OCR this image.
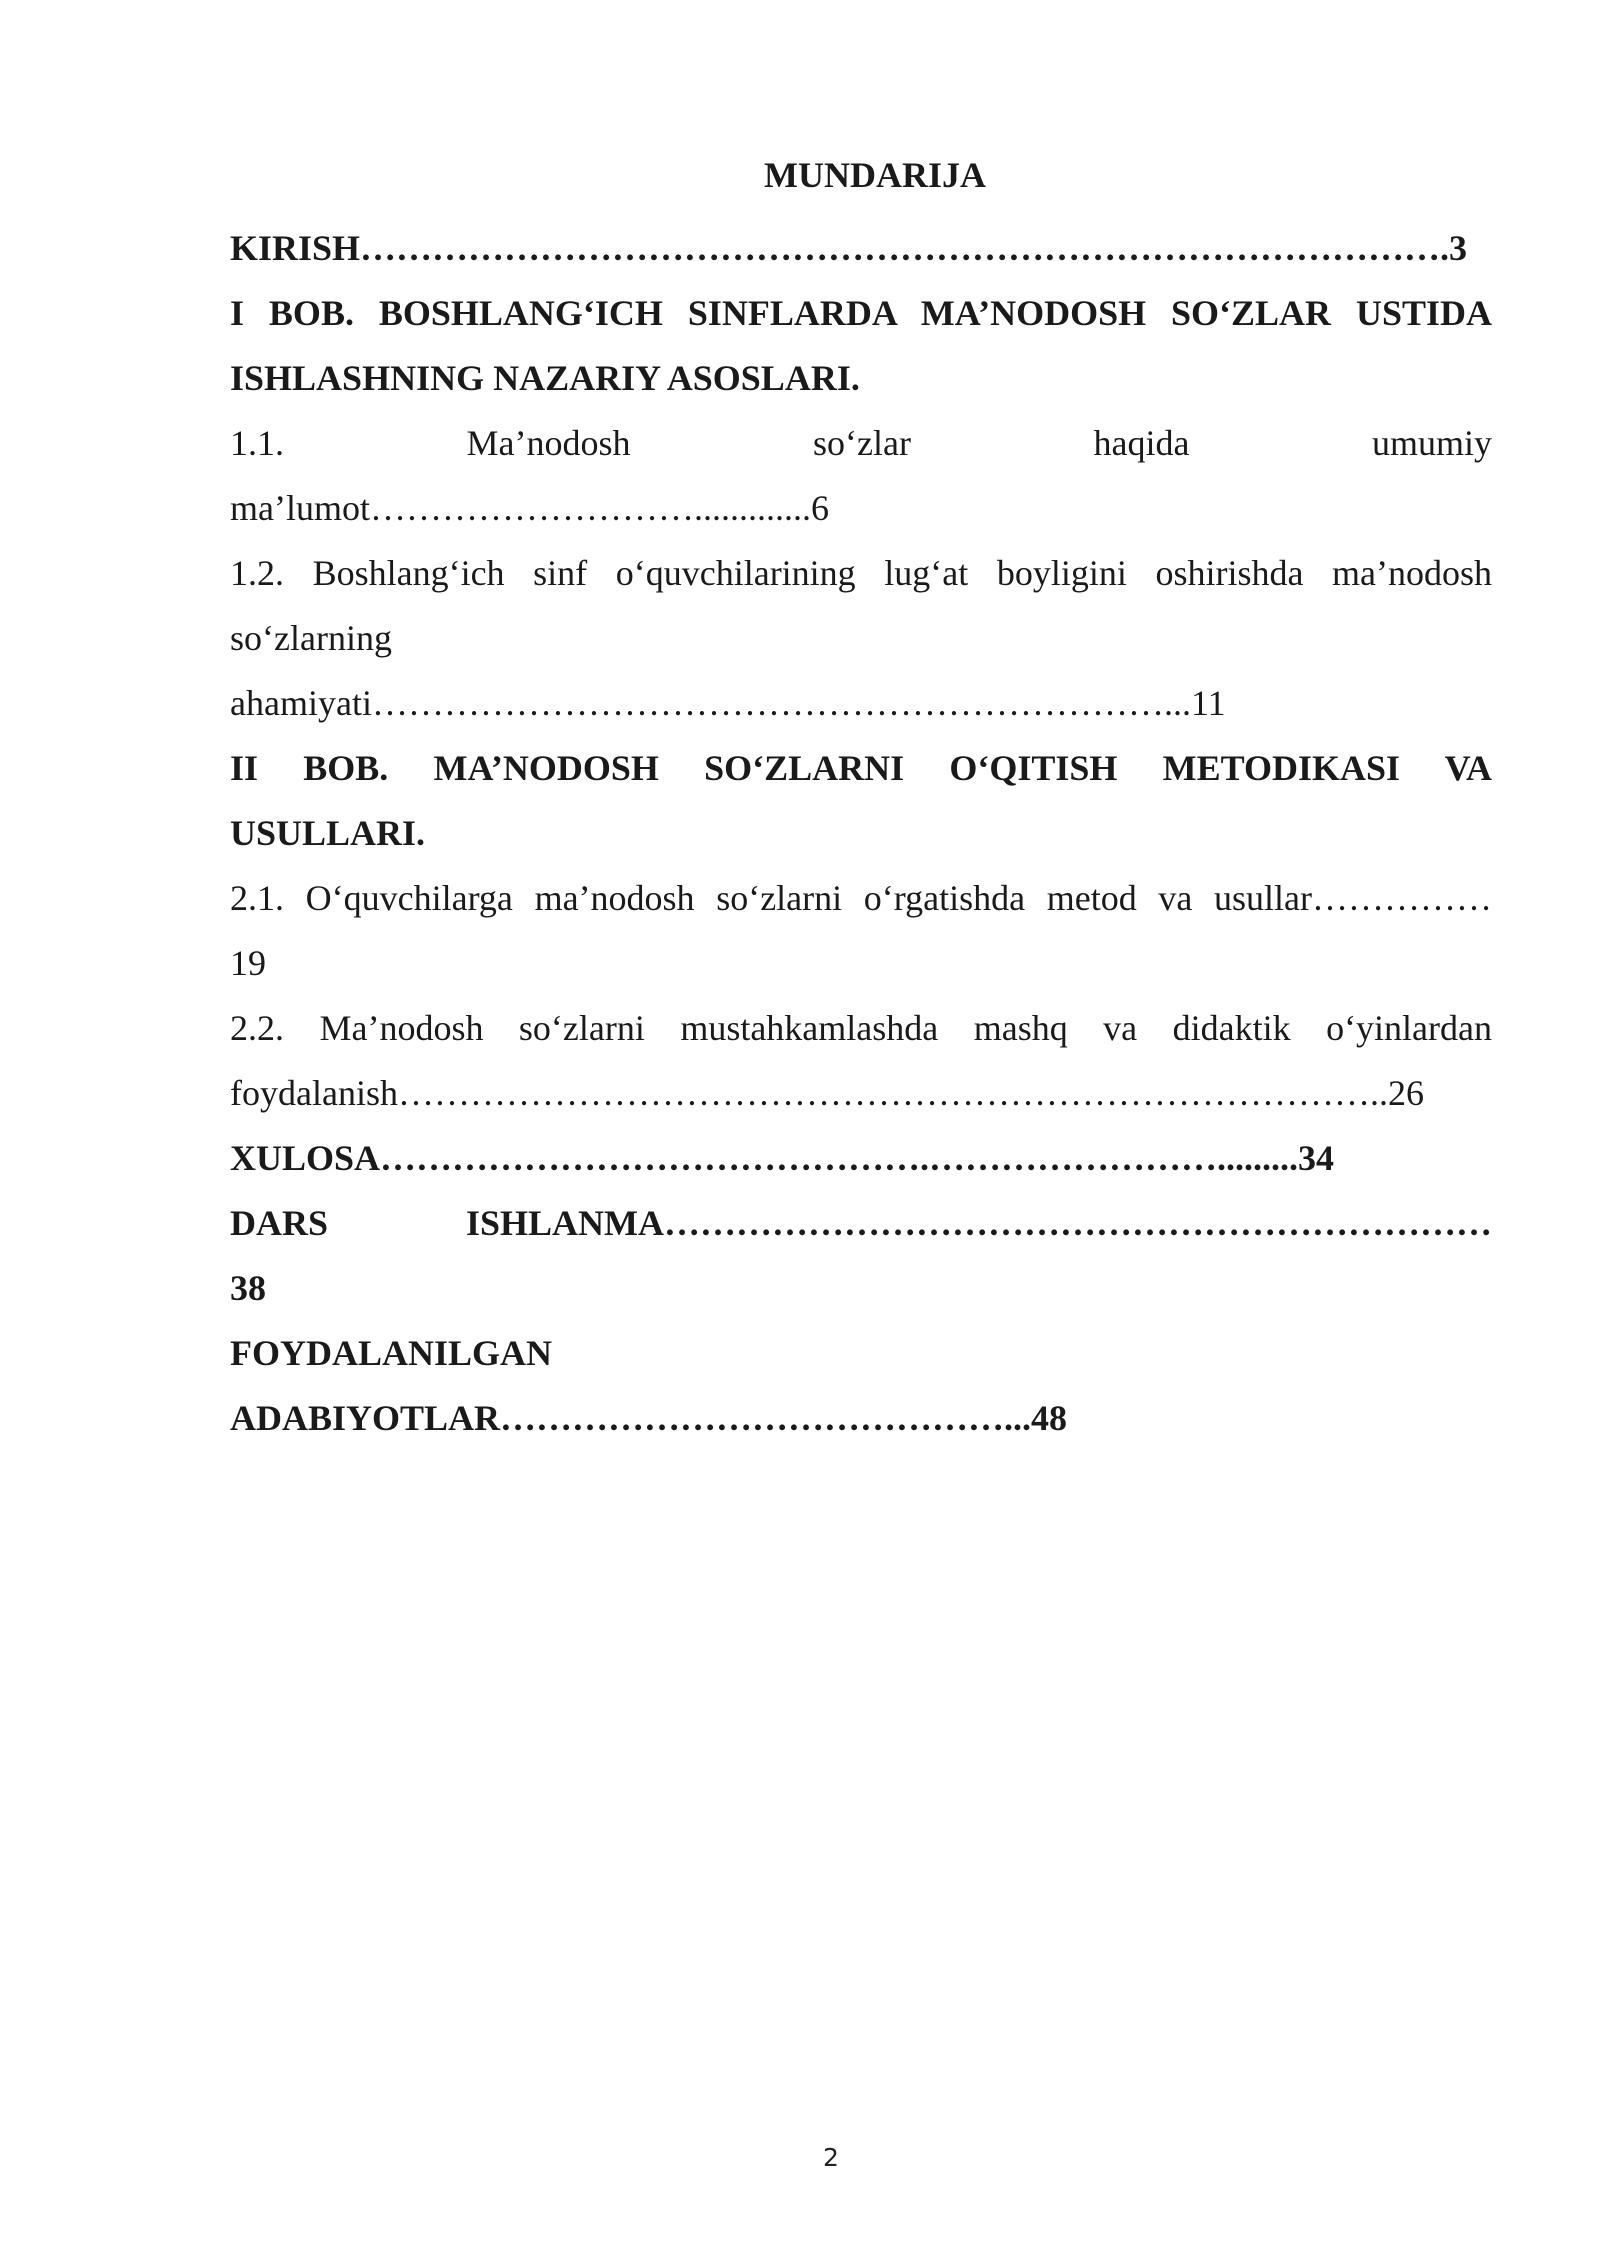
MUNDARIJA
KIRISH……………………………………………………………………………….3
I BOB. BOSHLANG‘ICH SINFLARDA MA’NODOSH SO‘ZLAR USTIDA
ISHLASHNING NAZARIY ASOSLARI.
1.1. Ma’nodosh so‘zlar haqida umumiy
ma’lumot……………………….............6
1.2. Boshlang‘ich sinf o‘quvchilarining lug‘at boyligini oshirishda ma’nodosh
so‘zlarning
ahamiyati…………………………………………………………...11
II BOB. MA’NODOSH SO‘ZLARNI O‘QITISH METODIKASI VA
USULLARI.
2.1. O‘quvchilarga ma’nodosh so‘zlarni o‘rgatishda metod va usullar……………
19
2.2. Ma’nodosh so‘zlarni mustahkamlashda mashq va didaktik o‘yinlardan
foydalanish………………………………………………………………………..26
XULOSA……………………………………….…………………….........34
DARS ISHLANMA……………………………………………………………
38
FOYDALANILGAN
ADABIYOTLAR……………………………………...48
2
